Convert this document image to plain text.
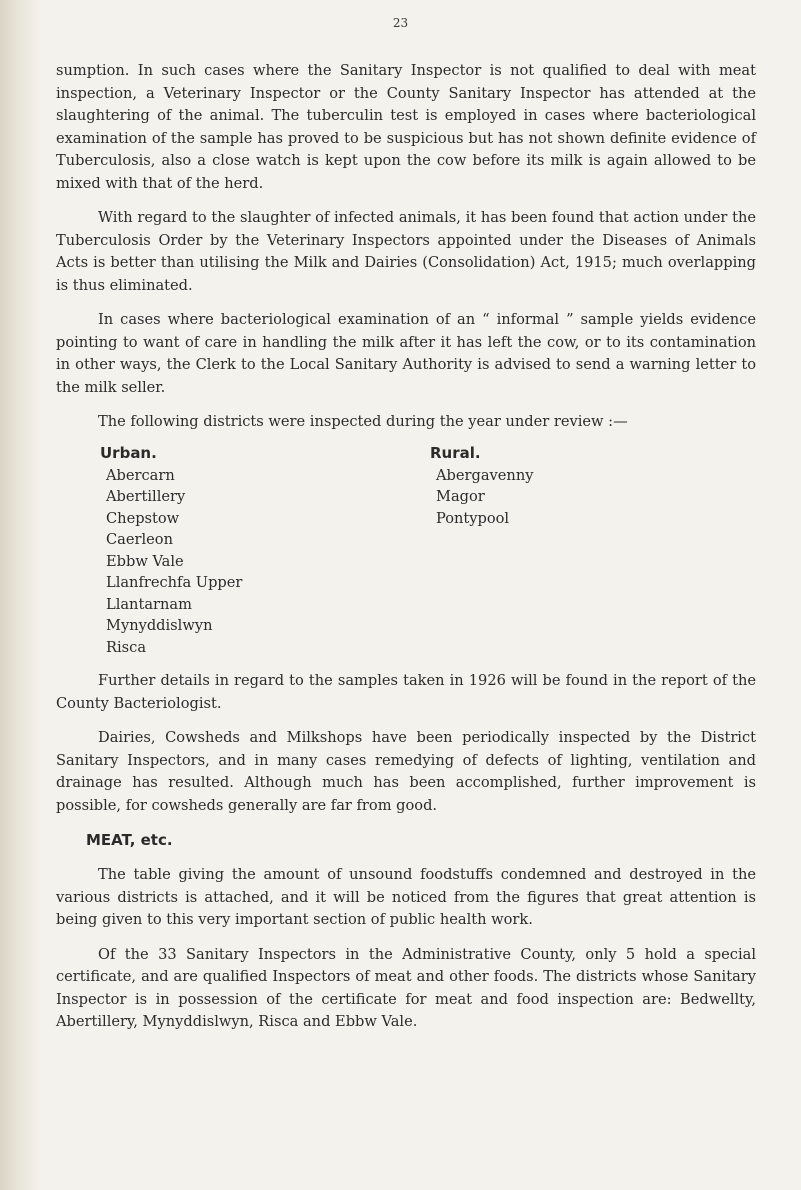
23

sumption. In such cases where the Sanitary Inspector is not qualified to deal with meat inspection, a Veterinary Inspector or the County Sanitary Inspector has attended at the slaughtering of the animal. The tuberculin test is employed in cases where bacteriological examination of the sample has proved to be suspicious but has not shown definite evidence of Tuberculosis, also a close watch is kept upon the cow before its milk is again allowed to be mixed with that of the herd.

With regard to the slaughter of infected animals, it has been found that action under the Tuberculosis Order by the Veterinary Inspectors appointed under the Diseases of Animals Acts is better than utilising the Milk and Dairies (Consolidation) Act, 1915; much overlapping is thus eliminated.

In cases where bacteriological examination of an “ informal ” sample yields evidence pointing to want of care in handling the milk after it has left the cow, or to its contamination in other ways, the Clerk to the Local Sanitary Authority is advised to send a warning letter to the milk seller.

The following districts were inspected during the year under review :—

Urban.
Abercarn
Abertillery
Chepstow
Caerleon
Ebbw Vale
Llanfrechfa Upper
Llantarnam
Mynyddislwyn
Risca
Rural.
Abergavenny
Magor
Pontypool

Further details in regard to the samples taken in 1926 will be found in the report of the County Bacteriologist.

Dairies, Cowsheds and Milkshops have been periodically inspected by the District Sanitary Inspectors, and in many cases remedying of defects of lighting, ventilation and drainage has resulted. Although much has been accomplished, further improvement is possible, for cowsheds generally are far from good.

MEAT, etc.

The table giving the amount of unsound foodstuffs condemned and destroyed in the various districts is attached, and it will be noticed from the figures that great attention is being given to this very important section of public health work.

Of the 33 Sanitary Inspectors in the Administrative County, only 5 hold a special certificate, and are qualified Inspectors of meat and other foods. The districts whose Sanitary Inspector is in possession of the certificate for meat and food inspection are: Bedwellty, Abertillery, Mynyddislwyn, Risca and Ebbw Vale.
